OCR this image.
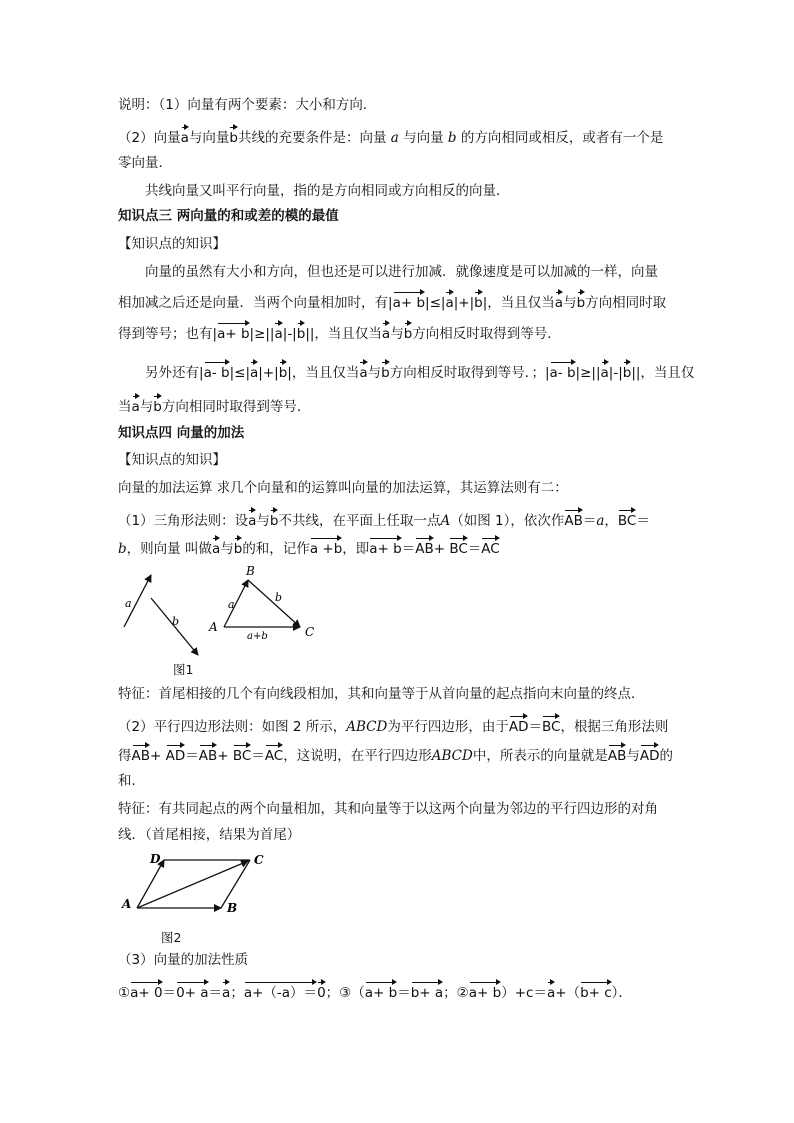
说明：（1）向量有两个要素：大小和方向．
（2）向量a与向量b共线的充要条件是：向量 a 与向量 b 的方向相同或相反，或者有一个是
零向量．
共线向量又叫平行向量，指的是方向相同或方向相反的向量．
知识点三 两向量的和或差的模的最值
【知识点的知识】
向量的虽然有大小和方向，但也还是可以进行加减．就像速度是可以加减的一样，向量
相加减之后还是向量．当两个向量相加时，有|a+ b|≤|a|+|b|，当且仅当a与b方向相同时取
得到等号；也有|a+ b|≥||a|-|b||，当且仅当a与b方向相反时取得到等号．
另外还有|a- b|≤|a|+|b|，当且仅当a与b方向相反时取得到等号．；|a- b|≥||a|-|b||，当且仅
当a与b方向相同时取得到等号．
知识点四 向量的加法
【知识点的知识】
向量的加法运算 求几个向量和的运算叫向量的加法运算，其运算法则有二：
（1）三角形法则：设a与b不共线，在平面上任取一点A（如图 1），依次作AB＝a，BC＝
b，则向量 叫做a与b的和，记作a +b，即a+ b＝AB+ BC＝AC
a
b
a
b
B
A	C
a+b
图1
特征：首尾相接的几个有向线段相加，其和向量等于从首向量的起点指向末向量的终点．
（2）平行四边形法则：如图 2 所示，ABCD为平行四边形，由于AD＝BC，根据三角形法则
得AB+ AD＝AB+ BC＝AC，这说明，在平行四边形ABCD中，所表示的向量就是AB与AD的
和．
特征：有共同起点的两个向量相加，其和向量等于以这两个向量为邻边的平行四边形的对角
线．（首尾相接，结果为首尾）
D	C
A	B
图2
（3）向量的加法性质
①a+ 0＝0+ a＝a；a+（-a）＝0；③（a+ b＝b+ a；②a+ b）+c＝a+（b+ c）．
